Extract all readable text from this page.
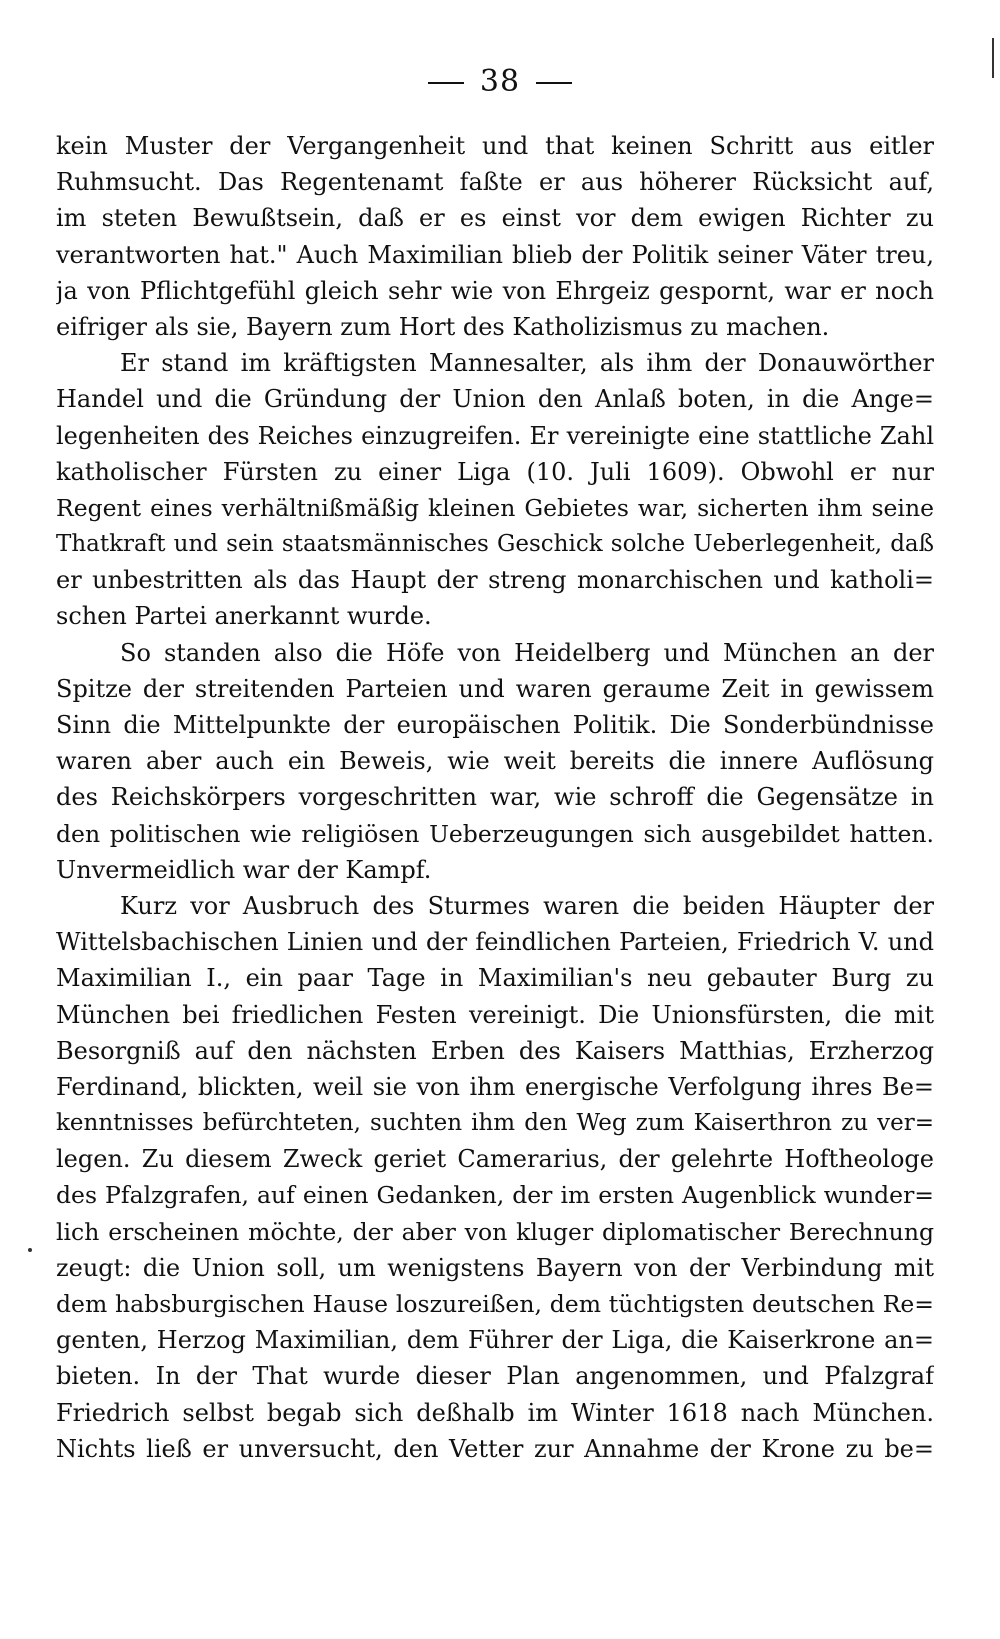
38
kein Muster der Vergangenheit und that keinen Schritt aus eitler
Ruhmsucht. Das Regentenamt faßte er aus höherer Rücksicht auf,
im steten Bewußtsein, daß er es einst vor dem ewigen Richter zu
verantworten hat." Auch Maximilian blieb der Politik seiner Väter treu,
ja von Pflichtgefühl gleich sehr wie von Ehrgeiz gespornt, war er noch
eifriger als sie, Bayern zum Hort des Katholizismus zu machen.
Er stand im kräftigsten Mannesalter, als ihm der Donauwörther
Handel und die Gründung der Union den Anlaß boten, in die Ange=
legenheiten des Reiches einzugreifen. Er vereinigte eine stattliche Zahl
katholischer Fürsten zu einer Liga (10. Juli 1609). Obwohl er nur
Regent eines verhältnißmäßig kleinen Gebietes war, sicherten ihm seine
Thatkraft und sein staatsmännisches Geschick solche Ueberlegenheit, daß
er unbestritten als das Haupt der streng monarchischen und katholi=
schen Partei anerkannt wurde.
So standen also die Höfe von Heidelberg und München an der
Spitze der streitenden Parteien und waren geraume Zeit in gewissem
Sinn die Mittelpunkte der europäischen Politik. Die Sonderbündnisse
waren aber auch ein Beweis, wie weit bereits die innere Auflösung
des Reichskörpers vorgeschritten war, wie schroff die Gegensätze in
den politischen wie religiösen Ueberzeugungen sich ausgebildet hatten.
Unvermeidlich war der Kampf.
Kurz vor Ausbruch des Sturmes waren die beiden Häupter der
Wittelsbachischen Linien und der feindlichen Parteien, Friedrich V. und
Maximilian I., ein paar Tage in Maximilian's neu gebauter Burg zu
München bei friedlichen Festen vereinigt. Die Unionsfürsten, die mit
Besorgniß auf den nächsten Erben des Kaisers Matthias, Erzherzog
Ferdinand, blickten, weil sie von ihm energische Verfolgung ihres Be=
kenntnisses befürchteten, suchten ihm den Weg zum Kaiserthron zu ver=
legen. Zu diesem Zweck geriet Camerarius, der gelehrte Hoftheologe
des Pfalzgrafen, auf einen Gedanken, der im ersten Augenblick wunder=
lich erscheinen möchte, der aber von kluger diplomatischer Berechnung
zeugt: die Union soll, um wenigstens Bayern von der Verbindung mit
dem habsburgischen Hause loszureißen, dem tüchtigsten deutschen Re=
genten, Herzog Maximilian, dem Führer der Liga, die Kaiserkrone an=
bieten. In der That wurde dieser Plan angenommen, und Pfalzgraf
Friedrich selbst begab sich deßhalb im Winter 1618 nach München.
Nichts ließ er unversucht, den Vetter zur Annahme der Krone zu be=
